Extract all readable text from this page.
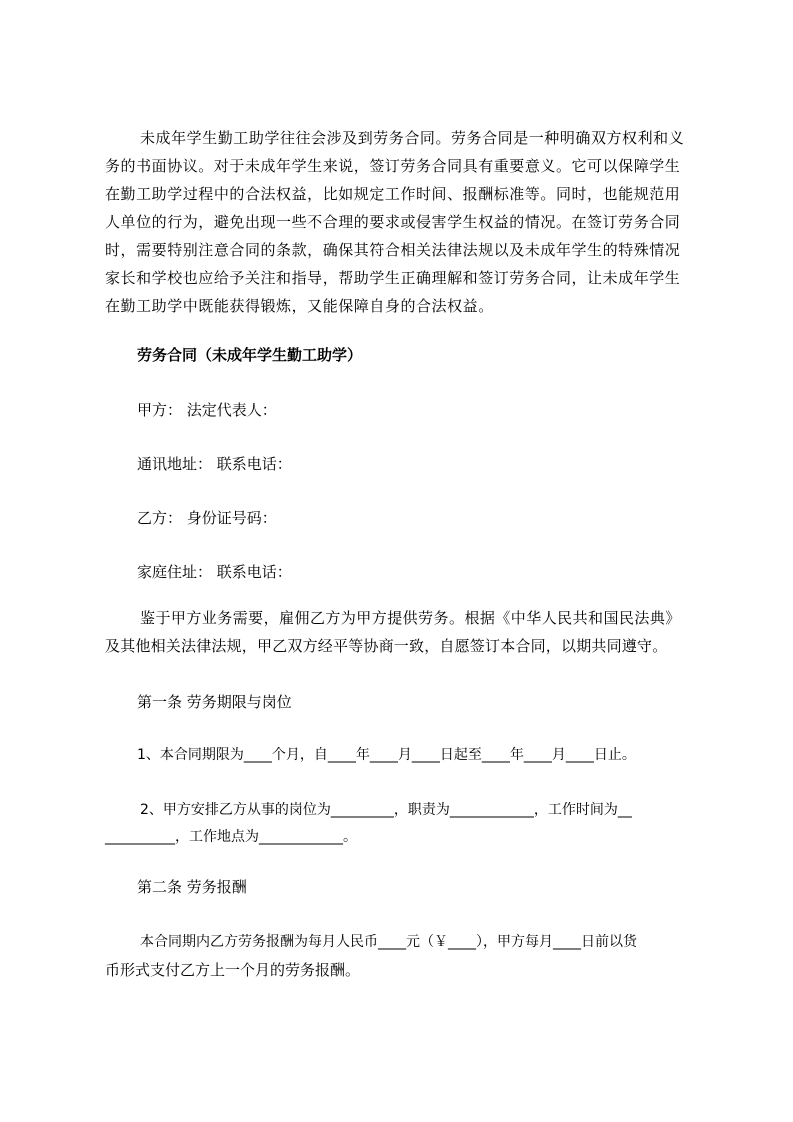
未成年学生勤工助学往往会涉及到劳务合同。劳务合同是一种明确双方权利和义
务的书面协议。对于未成年学生来说，签订劳务合同具有重要意义。它可以保障学生
在勤工助学过程中的合法权益，比如规定工作时间、报酬标准等。同时，也能规范用
人单位的行为，避免出现一些不合理的要求或侵害学生权益的情况。在签订劳务合同
时，需要特别注意合同的条款，确保其符合相关法律法规以及未成年学生的特殊情况
家长和学校也应给予关注和指导，帮助学生正确理解和签订劳务合同，让未成年学生
在勤工助学中既能获得锻炼，又能保障自身的合法权益。
劳务合同（未成年学生勤工助学）
甲方： 法定代表人：
通讯地址： 联系电话：
乙方： 身份证号码：
家庭住址： 联系电话：
鉴于甲方业务需要，雇佣乙方为甲方提供劳务。根据《中华人民共和国民法典》
及其他相关法律法规，甲乙双方经平等协商一致，自愿签订本合同，以期共同遵守。
第一条 劳务期限与岗位
1、本合同期限为____个月，自____年____月____日起至____年____月____日止。
2、甲方安排乙方从事的岗位为_________，职责为____________，工作时间为__
__________，工作地点为____________。
第二条 劳务报酬
本合同期内乙方劳务报酬为每月人民币____元（￥____），甲方每月____日前以货
币形式支付乙方上一个月的劳务报酬。
